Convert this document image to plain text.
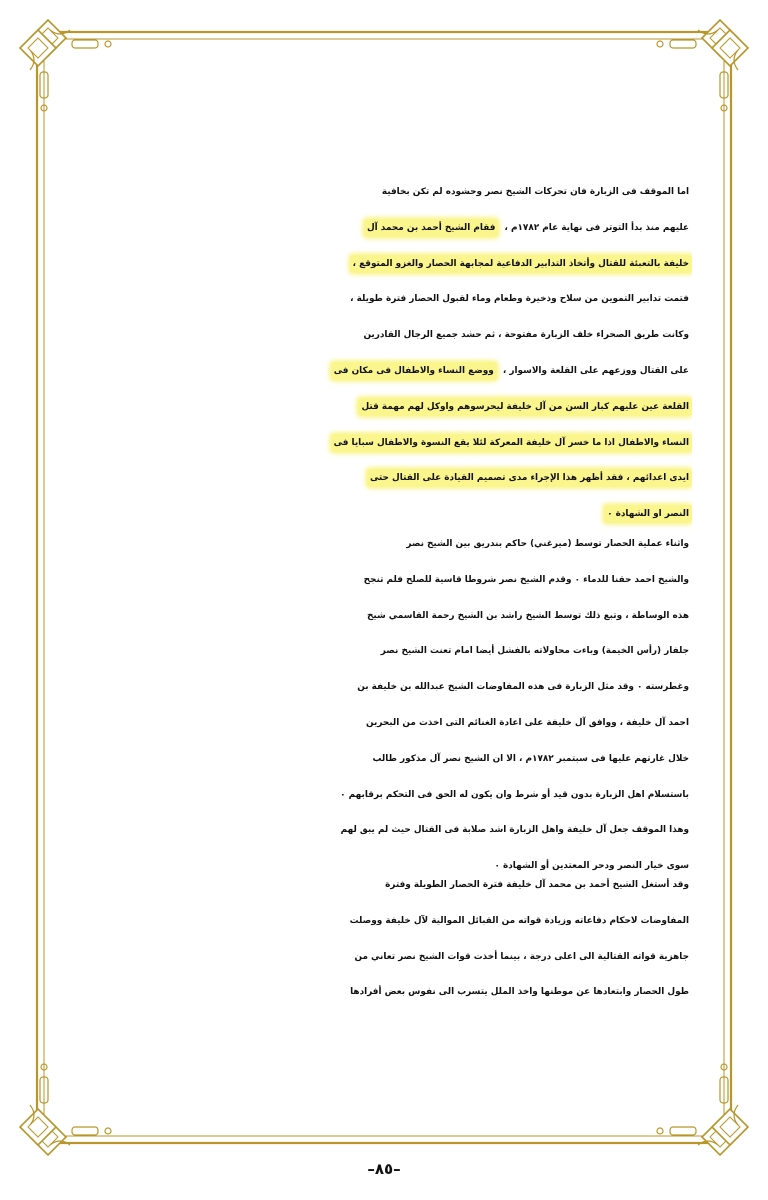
اما الموقف فى الزبارة فان تحركات الشيخ نصر وحشوده لم تكن بخافية
عليهم منذ بدأ التوتر فى نهاية عام ١٧٨٢م ، فقام الشيخ أحمد بن محمد آل
خليفة بالتعبئة للقتال وأتخاذ التدابير الدفاعية لمجابهة الحصار والغزو المتوقع ،
فتمت تدابير التموين من سلاح وذخيرة وطعام وماء لقبول الحصار فترة طويلة ،
وكانت طريق الصحراء خلف الزبارة مفتوحة ، ثم حشد جميع الرجال القادرين
على القتال ووزعهم على القلعة والاسوار ، ووضع النساء والاطفال فى مكان فى
القلعة عين عليهم كبار السن من آل خليفة ليحرسوهم واوكل لهم مهمة قتل
النساء والاطفال اذا ما خسر آل خليفة المعركة لئلا يقع النسوة والاطفال سبايا فى
ايدى اعدائهم ، فقد أظهر هذا الإجراء مدى تصميم القيادة على القتال حتى
النصر او الشهادة ٠
واثناء عملية الحصار توسط (ميرغني) حاكم بندريق بين الشيخ نصر
والشيخ احمد حقنا للدماء ٠ وقدم الشيخ نصر شروطا قاسية للصلح فلم تنجح
هذه الوساطة ، وتبع ذلك توسط الشيخ راشد بن الشيخ رحمة القاسمي شيخ
جلفار (رأس الخيمة) وباءت محاولاته بالفشل أيضا امام تعنت الشيخ نصر
وغطرسته ٠ وقد مثل الزبارة فى هذه المفاوضات الشيخ عبدالله بن خليفة بن
احمد آل خليفة ، ووافق آل خليفة على اعادة الغنائم التى اخذت من البحرين
خلال غارتهم عليها فى سبتمبر ١٧٨٢م ، الا ان الشيخ نصر آل مذكور طالب
باستسلام اهل الزبارة بدون قيد أو شرط وان يكون له الحق فى التحكم برقابهم ٠
وهذا الموقف جعل آل خليفة واهل الزبارة اشد صلابة فى القتال حيث لم يبق لهم
سوى خيار النصر ودحر المعتدين أو الشهادة ٠
وقد أستغل الشيخ أحمد بن محمد آل خليفة فترة الحصار الطويلة وفترة
المفاوضات لاحكام دفاعاته وزيادة قواته من القبائل الموالية لآل خليفة ووصلت
جاهزية قواته القتالية الى اعلى درجة ، بينما أخذت قوات الشيخ نصر تعاني من
طول الحصار وابتعادها عن موطنها واخذ الملل يتسرب الى نفوس بعض أفرادها
–٨٥–
